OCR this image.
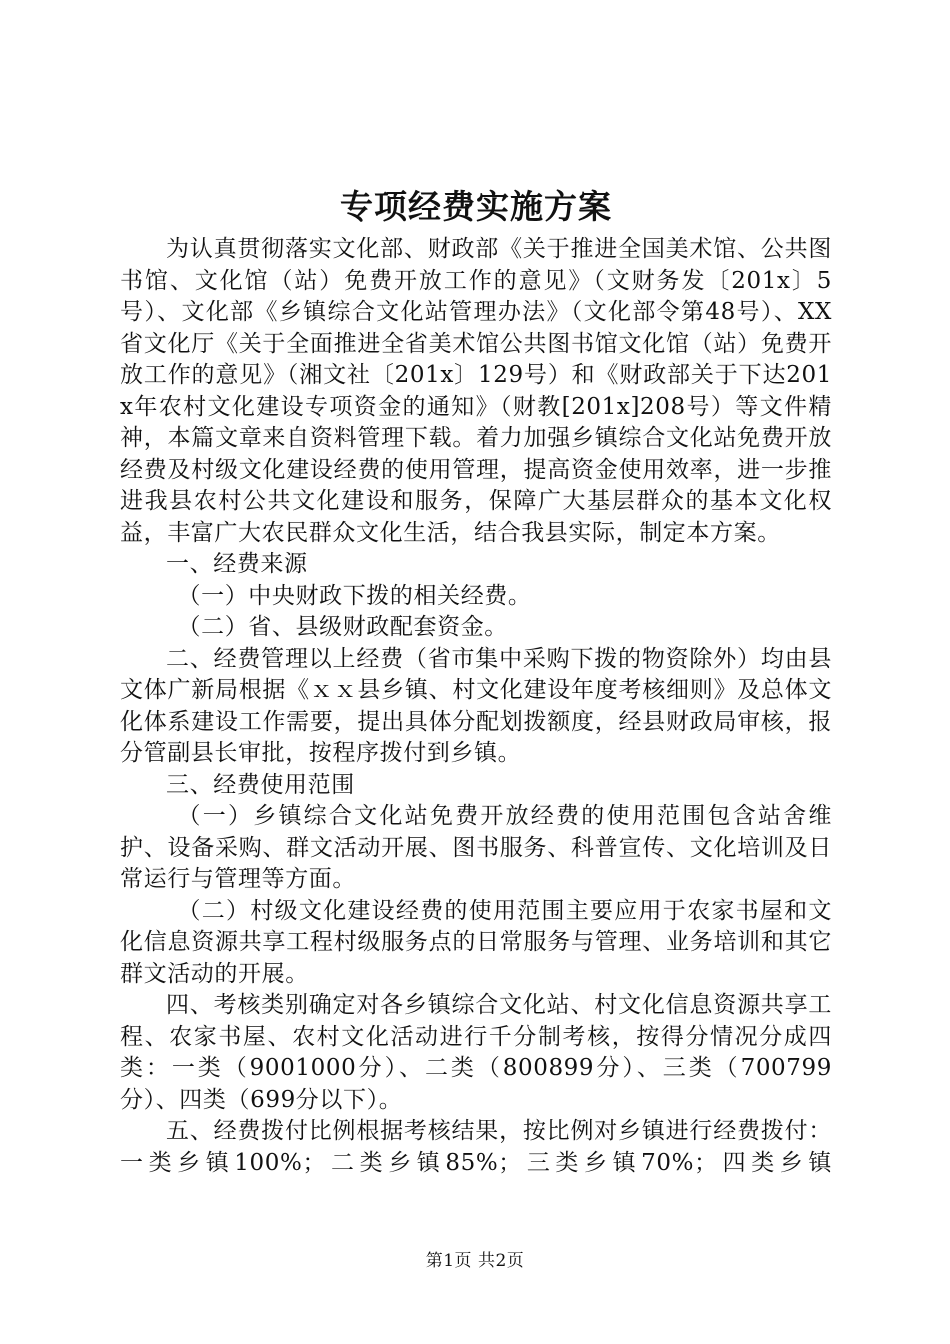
专项经费实施方案

为认真贯彻落实文化部、财政部《关于推进全国美术馆、公共图书馆、文化馆（站）免费开放工作的意见》（文财务发〔201x〕5号）、文化部《乡镇综合文化站管理办法》（文化部令第48号）、XX省文化厅《关于全面推进全省美术馆公共图书馆文化馆（站）免费开放工作的意见》（湘文社〔201x〕129号）和《财政部关于下达201x年农村文化建设专项资金的通知》（财教[201x]208号）等文件精神，本篇文章来自资料管理下载。着力加强乡镇综合文化站免费开放经费及村级文化建设经费的使用管理，提高资金使用效率，进一步推进我县农村公共文化建设和服务，保障广大基层群众的基本文化权益，丰富广大农民群众文化生活，结合我县实际，制定本方案。

一、经费来源

（一）中央财政下拨的相关经费。

（二）省、县级财政配套资金。

二、经费管理以上经费（省市集中采购下拨的物资除外）均由县文体广新局根据《ｘｘ县乡镇、村文化建设年度考核细则》及总体文化体系建设工作需要，提出具体分配划拨额度，经县财政局审核，报分管副县长审批，按程序拨付到乡镇。

三、经费使用范围

（一）乡镇综合文化站免费开放经费的使用范围包含站舍维护、设备采购、群文活动开展、图书服务、科普宣传、文化培训及日常运行与管理等方面。

（二）村级文化建设经费的使用范围主要应用于农家书屋和文化信息资源共享工程村级服务点的日常服务与管理、业务培训和其它群文活动的开展。

四、考核类别确定对各乡镇综合文化站、村文化信息资源共享工程、农家书屋、农村文化活动进行千分制考核，按得分情况分成四类：一类（9001000分）、二类（800899分）、三类（700799分）、四类（699分以下）。

五、经费拨付比例根据考核结果，按比例对乡镇进行经费拨付：一类乡镇100%；二类乡镇85%；三类乡镇70%；四类乡镇

第1页 共2页
